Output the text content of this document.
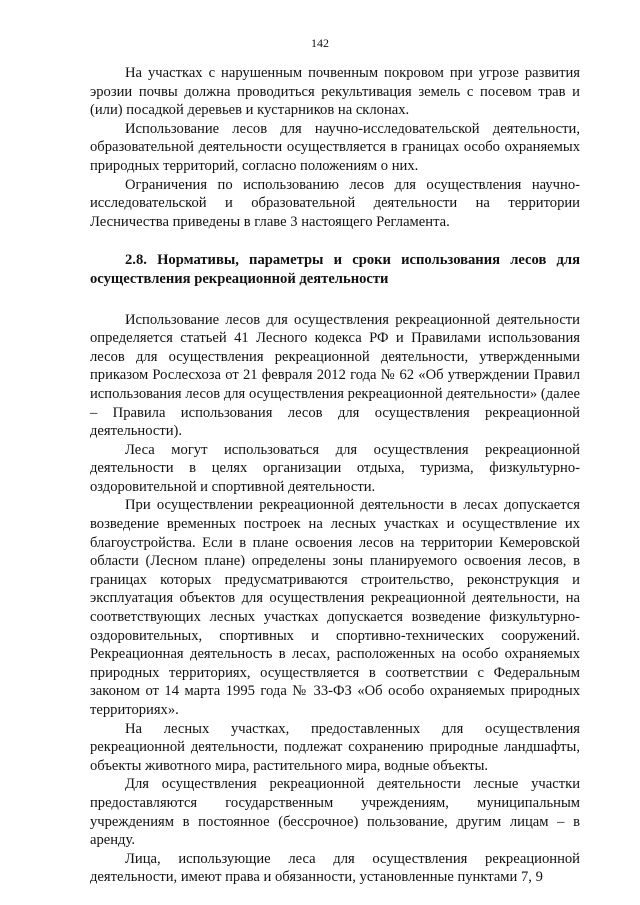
142

На участках с нарушенным почвенным покровом при угрозе развития эрозии почвы должна проводиться рекультивация земель с посевом трав и (или) посадкой деревьев и кустарников на склонах.

Использование лесов для научно-исследовательской деятельности, образовательной деятельности осуществляется в границах особо охраняемых природных территорий, согласно положениям о них.

Ограничения по использованию лесов для осуществления научно-исследовательской и образовательной деятельности на территории Лесничества приведены в главе 3 настоящего Регламента.

2.8. Нормативы, параметры и сроки использования лесов для осуществления рекреационной деятельности

Использование лесов для осуществления рекреационной деятельности определяется статьей 41 Лесного кодекса РФ и Правилами использования лесов для осуществления рекреационной деятельности, утвержденными приказом Рослесхоза от 21 февраля 2012 года № 62 «Об утверждении Правил использования лесов для осуществления рекреационной деятельности» (далее – Правила использования лесов для осуществления рекреационной деятельности).

Леса могут использоваться для осуществления рекреационной деятельности в целях организации отдыха, туризма, физкультурно-оздоровительной и спортивной деятельности.

При осуществлении рекреационной деятельности в лесах допускается возведение временных построек на лесных участках и осуществление их благоустройства. Если в плане освоения лесов на территории Кемеровской области (Лесном плане) определены зоны планируемого освоения лесов, в границах которых предусматриваются строительство, реконструкция и эксплуатация объектов для осуществления рекреационной деятельности, на соответствующих лесных участках допускается возведение физкультурно-оздоровительных, спортивных и спортивно-технических сооружений. Рекреационная деятельность в лесах, расположенных на особо охраняемых природных территориях, осуществляется в соответствии с Федеральным законом от 14 марта 1995 года № 33-ФЗ «Об особо охраняемых природных территориях».

На лесных участках, предоставленных для осуществления рекреационной деятельности, подлежат сохранению природные ландшафты, объекты животного мира, растительного мира, водные объекты.

Для осуществления рекреационной деятельности лесные участки предоставляются государственным учреждениям, муниципальным учреждениям в постоянное (бессрочное) пользование, другим лицам – в аренду.

Лица, использующие леса для осуществления рекреационной деятельности, имеют права и обязанности, установленные пунктами 7, 9
